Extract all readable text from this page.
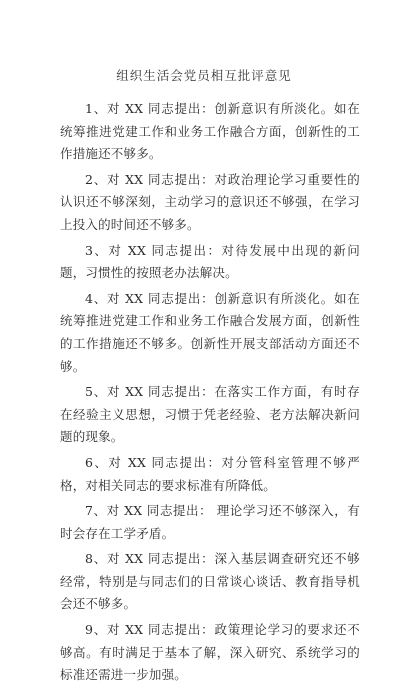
组织生活会党员相互批评意见

1、对 XX 同志提出：创新意识有所淡化。如在统筹推进党建工作和业务工作融合方面，创新性的工作措施还不够多。

2、对 XX 同志提出：对政治理论学习重要性的认识还不够深刻，主动学习的意识还不够强，在学习上投入的时间还不够多。

3、对 XX 同志提出：对待发展中出现的新问题，习惯性的按照老办法解决。

4、对 XX 同志提出：创新意识有所淡化。如在统筹推进党建工作和业务工作融合发展方面，创新性的工作措施还不够多。创新性开展支部活动方面还不够。

5、对 XX 同志提出：在落实工作方面，有时存在经验主义思想，习惯于凭老经验、老方法解决新问题的现象。

6、对 XX 同志提出：对分管科室管理不够严格，对相关同志的要求标准有所降低。

7、对 XX 同志提出： 理论学习还不够深入，有时会存在工学矛盾。

8、对 XX 同志提出：深入基层调查研究还不够经常，特别是与同志们的日常谈心谈话、教育指导机会还不够多。

9、对 XX 同志提出：政策理论学习的要求还不够高。有时满足于基本了解，深入研究、系统学习的标准还需进一步加强。
